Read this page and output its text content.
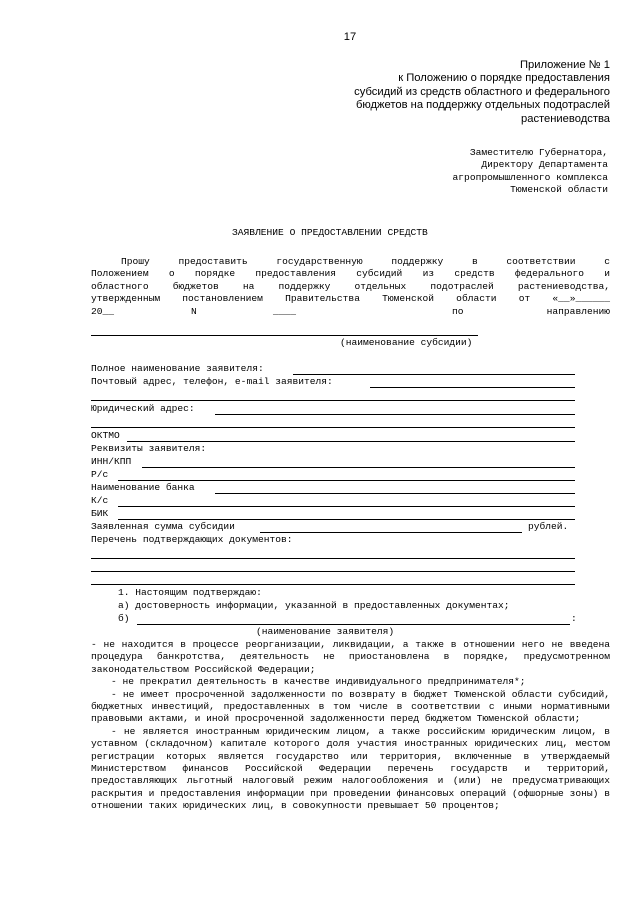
17
Приложение № 1
к Положению о порядке предоставления
субсидий из средств областного и федерального
бюджетов на поддержку отдельных подотраслей
растениеводства
Заместителю Губернатора,
Директору Департамента
агропромышленного комплекса
Тюменской области
ЗАЯВЛЕНИЕ О ПРЕДОСТАВЛЕНИИ СРЕДСТВ
Прошу предоставить государственную поддержку в соответствии с
Положением о порядке предоставления субсидий из средств федерального и
областного бюджетов на поддержку отдельных подотраслей растениеводства,
утвержденным постановлением Правительства Тюменской области от «__»______
20__	N	____	по	направлению
(наименование субсидии)
Полное наименование заявителя:
Почтовый адрес, телефон, e-mail заявителя:
Юридический адрес:
ОКТМО
Реквизиты заявителя:
ИНН/КПП
Р/с
Наименование банка
К/с
БИК
Заявленная сумма субсидии	рублей.
Перечень подтверждающих документов:
1. Настоящим подтверждаю:
а) достоверность информации, указанной в предоставленных документах;
б)	:
(наименование заявителя)

- не находится в процессе реорганизации, ликвидации, а также в отношении него не введена процедура банкротства, деятельность не приостановлена в порядке, предусмотренном законодательством Российской Федерации;

- не прекратил деятельность в качестве индивидуального предпринимателя*;

- не имеет просроченной задолженности по возврату в бюджет Тюменской области субсидий, бюджетных инвестиций, предоставленных в том числе в соответствии с иными нормативными правовыми актами, и иной просроченной задолженности перед бюджетом Тюменской области;

- не является иностранным юридическим лицом, а также российским юридическим лицом, в уставном (складочном) капитале которого доля участия иностранных юридических лиц, местом регистрации которых является государство или территория, включенные в утверждаемый Министерством финансов Российской Федерации перечень государств и территорий, предоставляющих льготный налоговый режим налогообложения и (или) не предусматривающих раскрытия и предоставления информации при проведении финансовых операций (офшорные зоны) в отношении таких юридических лиц, в совокупности превышает 50 процентов;
